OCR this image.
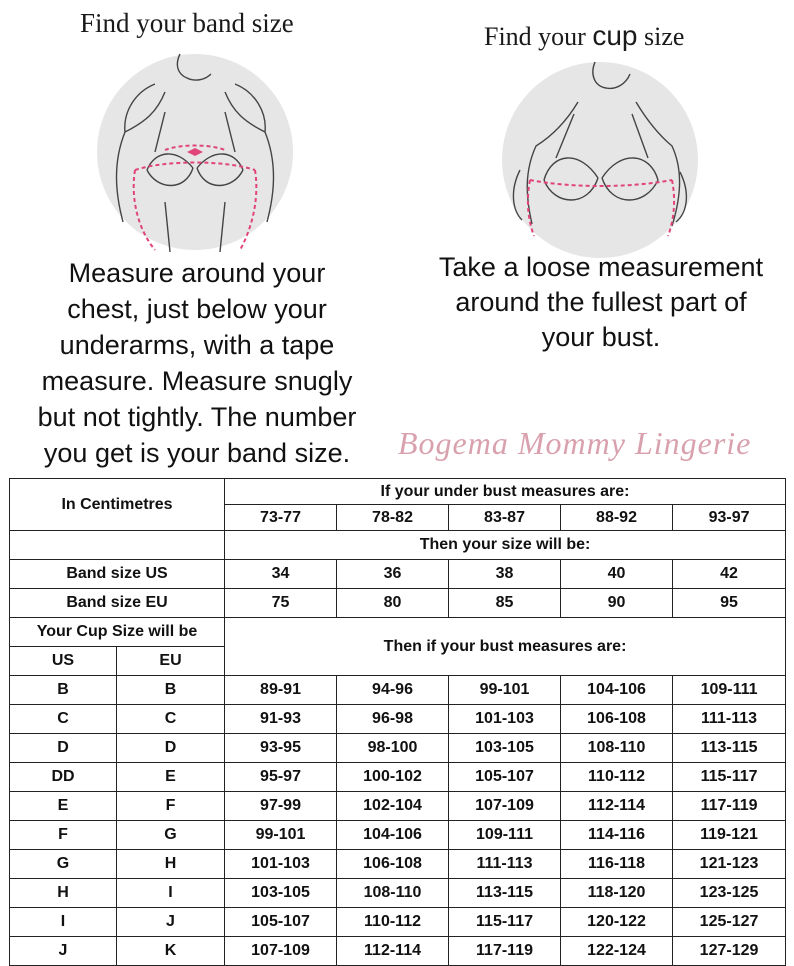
Find your band size	Find your cup size
Measure around your
chest, just below your
underarms, with a tape
measure. Measure snugly
but not tightly. The number
you get is your band size.
Take a loose measurement
around the fullest part of
your bust.
Bogema Mommy Lingerie
In Centimetres		If your under bust measures are:				
		73-77	78-82	83-87	88-92	93-97
		Then your size will be:				
Band size US		34	36	38	40	42
Band size EU		75	80	85	90	95
Your Cup Size will be		Then if your bust measures are:				
US	EU					
B	B	89-91	94-96	99-101	104-106	109-111
C	C	91-93	96-98	101-103	106-108	111-113
D	D	93-95	98-100	103-105	108-110	113-115
DD	E	95-97	100-102	105-107	110-112	115-117
E	F	97-99	102-104	107-109	112-114	117-119
F	G	99-101	104-106	109-111	114-116	119-121
G	H	101-103	106-108	111-113	116-118	121-123
H	I	103-105	108-110	113-115	118-120	123-125
I	J	105-107	110-112	115-117	120-122	125-127
J	K	107-109	112-114	117-119	122-124	127-129
